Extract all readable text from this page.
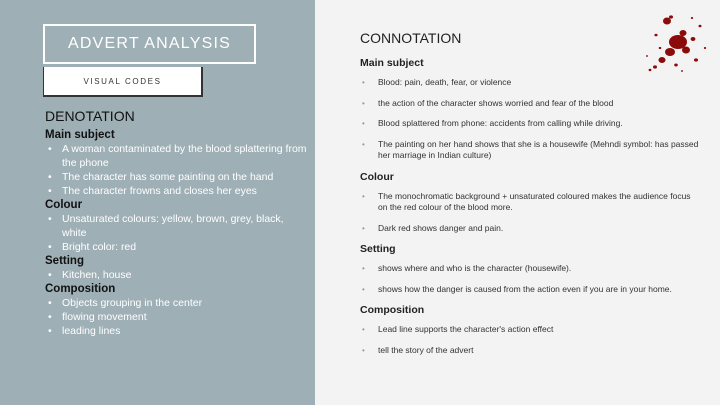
ADVERT ANALYSIS
VISUAL CODES
DENOTATION
Main subject
• A woman contaminated by the blood splattering from the phone
• The character has some painting on the hand
• The character frowns and closes her eyes
Colour
• Unsaturated colours: yellow, brown, grey, black, white
• Bright color: red
Setting
• Kitchen, house
Composition
• Objects grouping in the center
• flowing movement
• leading lines
CONNOTATION
Main subject
• Blood: pain, death, fear, or violence
• the action of the character shows worried and fear of the blood
• Blood splattered from phone: accidents from calling while driving.
• The painting on her hand shows that she is a housewife (Mehndi symbol: has passed her marriage in Indian culture)
Colour
• The monochromatic background + unsaturated coloured makes the audience focus on the red colour of the blood more.
• Dark red shows danger and pain.
Setting
• shows where and who is the character (housewife).
• shows how the danger is caused from the action even if you are in your home.
Composition
• Lead line supports the character's action effect
• tell the story of the advert
